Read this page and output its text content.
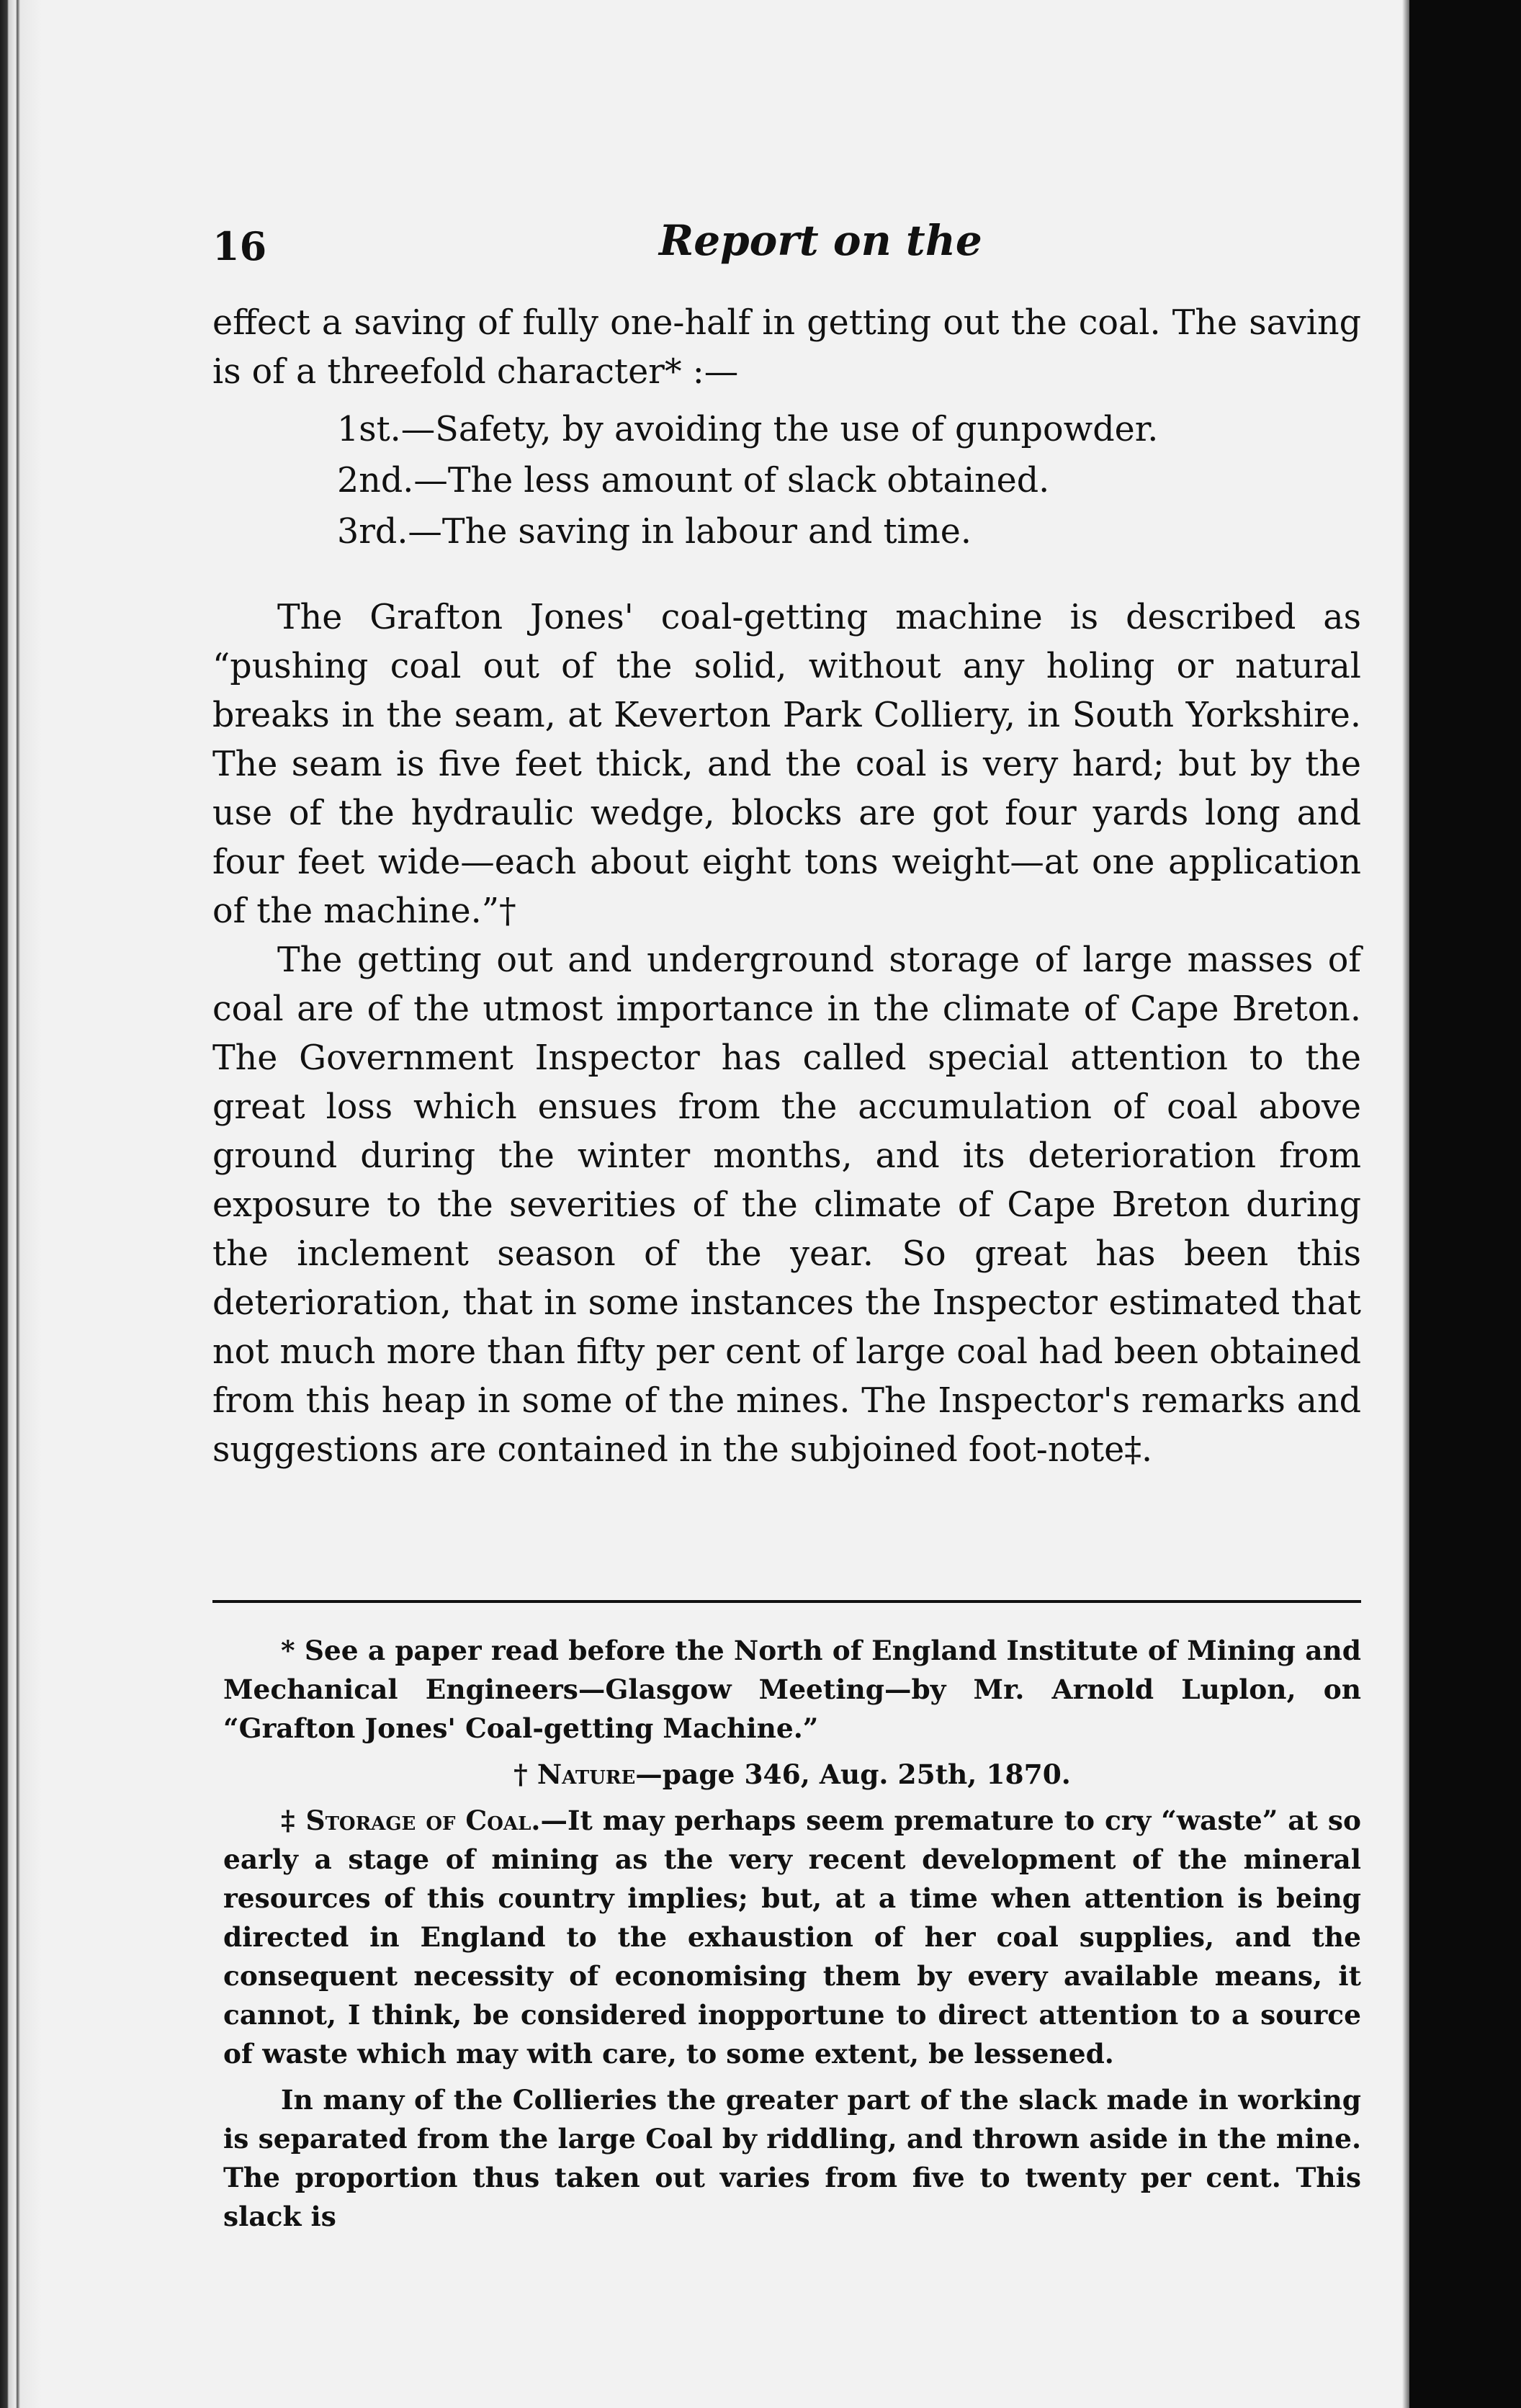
16	Report on the

effect a saving of fully one-half in getting out the coal. The saving is of a threefold character* :—

1st.—Safety, by avoiding the use of gunpowder.
2nd.—The less amount of slack obtained.
3rd.—The saving in labour and time.

The Grafton Jones' coal-getting machine is described as “pushing coal out of the solid, without any holing or natural breaks in the seam, at Keverton Park Colliery, in South Yorkshire. The seam is five feet thick, and the coal is very hard; but by the use of the hydraulic wedge, blocks are got four yards long and four feet wide—each about eight tons weight—at one application of the machine.”†

The getting out and underground storage of large masses of coal are of the utmost importance in the climate of Cape Breton. The Government Inspector has called special attention to the great loss which ensues from the accumulation of coal above ground during the winter months, and its deterioration from exposure to the severities of the climate of Cape Breton during the inclement season of the year. So great has been this deterioration, that in some instances the Inspector estimated that not much more than fifty per cent of large coal had been obtained from this heap in some of the mines. The Inspector's remarks and suggestions are contained in the subjoined foot-note‡.

* See a paper read before the North of England Institute of Mining and Mechanical Engineers—Glasgow Meeting—by Mr. Arnold Luplon, on “Grafton Jones' Coal-getting Machine.”

† Nature—page 346, Aug. 25th, 1870.

‡ Storage of Coal.—It may perhaps seem premature to cry “waste” at so early a stage of mining as the very recent development of the mineral resources of this country implies; but, at a time when attention is being directed in England to the exhaustion of her coal supplies, and the consequent necessity of economising them by every available means, it cannot, I think, be considered inopportune to direct attention to a source of waste which may with care, to some extent, be lessened.

In many of the Collieries the greater part of the slack made in working is separated from the large Coal by riddling, and thrown aside in the mine. The proportion thus taken out varies from five to twenty per cent. This slack is
